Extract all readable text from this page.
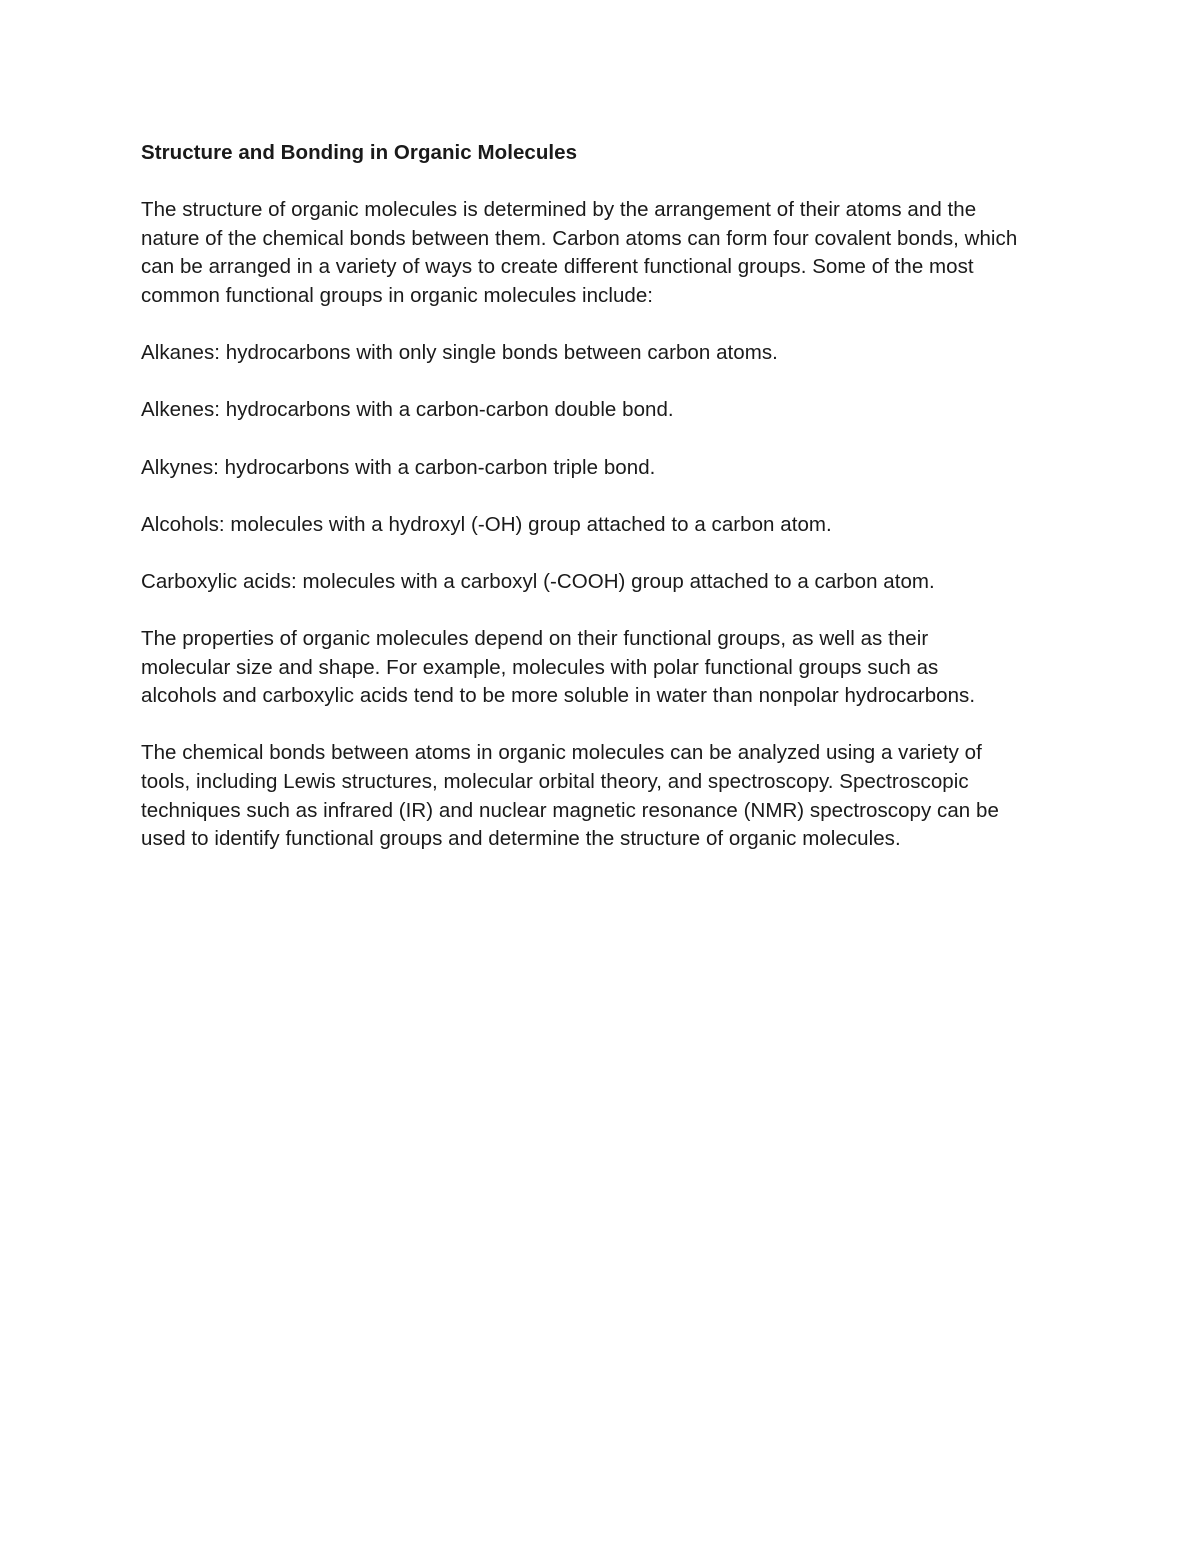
Structure and Bonding in Organic Molecules
The structure of organic molecules is determined by the arrangement of their atoms and the
nature of the chemical bonds between them. Carbon atoms can form four covalent bonds, which
can be arranged in a variety of ways to create different functional groups. Some of the most
common functional groups in organic molecules include:
Alkanes: hydrocarbons with only single bonds between carbon atoms.
Alkenes: hydrocarbons with a carbon-carbon double bond.
Alkynes: hydrocarbons with a carbon-carbon triple bond.
Alcohols: molecules with a hydroxyl (-OH) group attached to a carbon atom.
Carboxylic acids: molecules with a carboxyl (-COOH) group attached to a carbon atom.
The properties of organic molecules depend on their functional groups, as well as their
molecular size and shape. For example, molecules with polar functional groups such as
alcohols and carboxylic acids tend to be more soluble in water than nonpolar hydrocarbons.
The chemical bonds between atoms in organic molecules can be analyzed using a variety of
tools, including Lewis structures, molecular orbital theory, and spectroscopy. Spectroscopic
techniques such as infrared (IR) and nuclear magnetic resonance (NMR) spectroscopy can be
used to identify functional groups and determine the structure of organic molecules.
